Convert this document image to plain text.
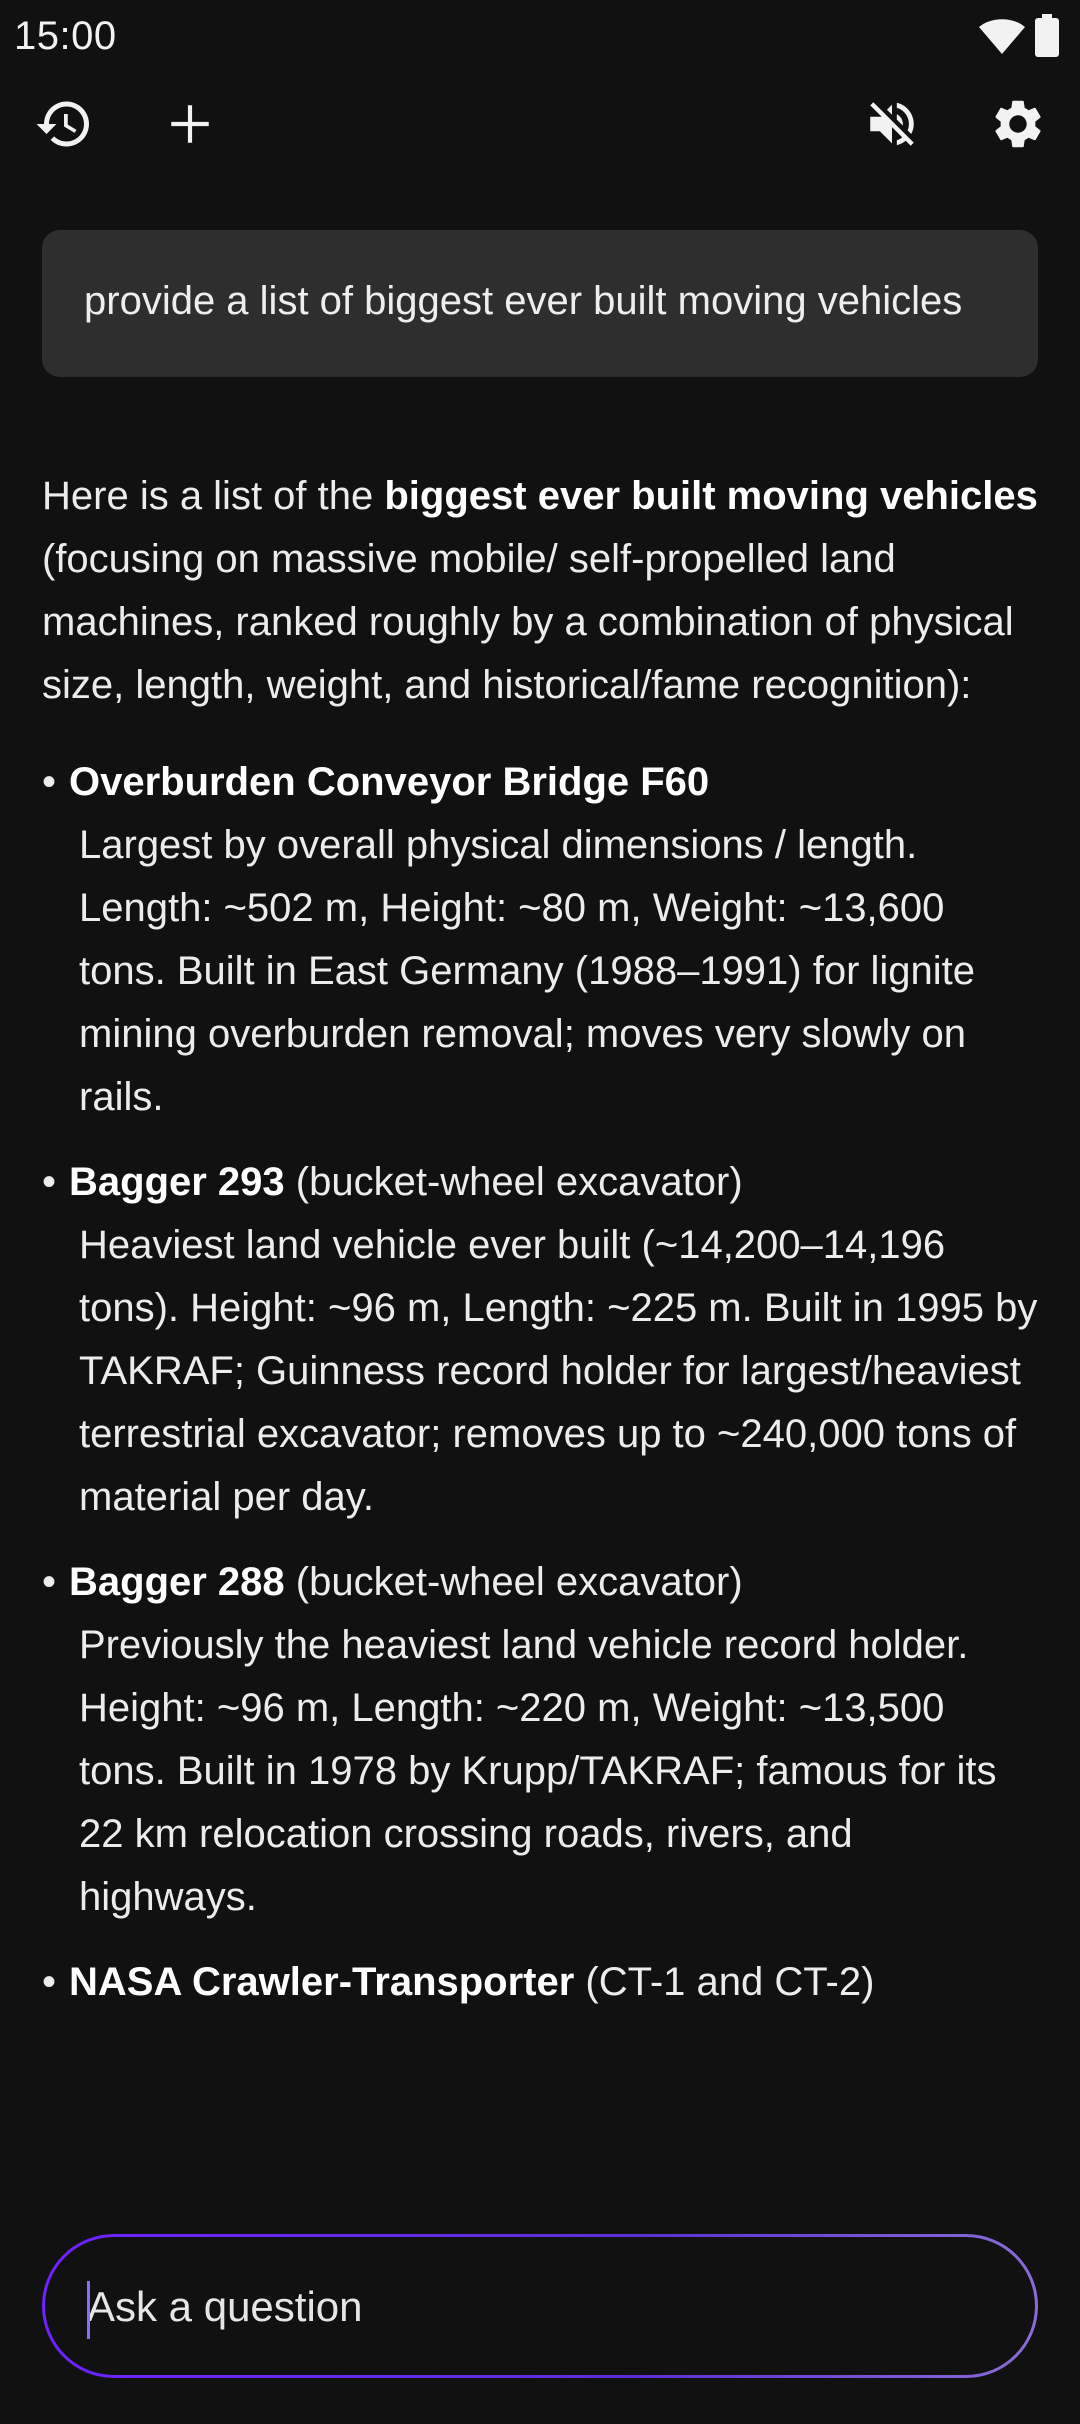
15:00
provide a list of biggest ever built moving vehicles

Here is a list of the biggest ever built moving vehicles (focusing on massive mobile/ self-propelled land machines, ranked roughly by a combination of physical size, length, weight, and historical/fame recognition):

• Overburden Conveyor Bridge F60
Largest by overall physical dimensions / length. Length: ~502 m, Height: ~80 m, Weight: ~13,600 tons. Built in East Germany (1988–1991) for lignite mining overburden removal; moves very slowly on rails.
• Bagger 293 (bucket-wheel excavator)
Heaviest land vehicle ever built (~14,200–14,196 tons). Height: ~96 m, Length: ~225 m. Built in 1995 by TAKRAF; Guinness record holder for largest/heaviest terrestrial excavator; removes up to ~240,000 tons of material per day.
• Bagger 288 (bucket-wheel excavator)
Previously the heaviest land vehicle record holder. Height: ~96 m, Length: ~220 m, Weight: ~13,500 tons. Built in 1978 by Krupp/TAKRAF; famous for its 22 km relocation crossing roads, rivers, and highways.
• NASA Crawler-Transporter (CT-1 and CT-2)
Ask a question
